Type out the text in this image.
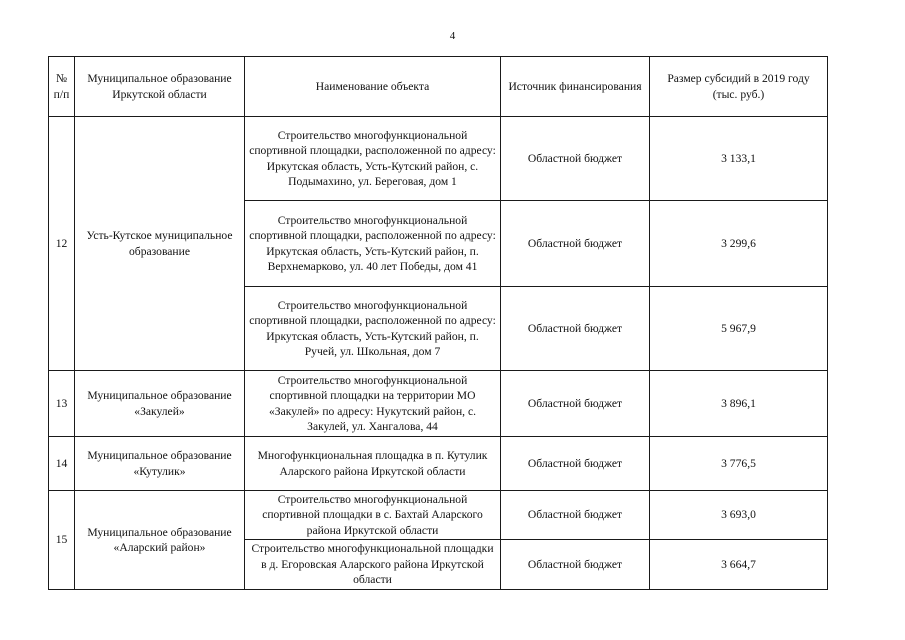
4
№ п/п	Муниципальное образование Иркутской области	Наименование объекта	Источник финансирования	Размер субсидий в 2019 году (тыс. руб.)
12	Усть-Кутское муниципальное образование	Строительство многофункциональной спортивной площадки, расположенной по адресу: Иркутская область, Усть-Кутский район, с. Подымахино, ул. Береговая, дом 1	Областной бюджет	3 133,1
		Строительство многофункциональной спортивной площадки, расположенной по адресу: Иркутская область, Усть-Кутский район, п. Верхнемарково, ул. 40 лет Победы, дом 41	Областной бюджет	3 299,6
		Строительство многофункциональной спортивной площадки, расположенной по адресу: Иркутская область, Усть-Кутский район, п. Ручей, ул. Школьная, дом 7	Областной бюджет	5 967,9
13	Муниципальное образование «Закулей»	Строительство многофункциональной спортивной площадки на территории МО «Закулей» по адресу: Нукутский район, с. Закулей, ул. Хангалова, 44	Областной бюджет	3 896,1
14	Муниципальное образование «Кутулик»	Многофункциональная площадка в п. Кутулик Аларского района Иркутской области	Областной бюджет	3 776,5
15	Муниципальное образование «Аларский район»	Строительство многофункциональной спортивной площадки в с. Бахтай Аларского района Иркутской области	Областной бюджет	3 693,0
		Строительство многофункциональной площадки в д. Егоровская Аларского района Иркутской области	Областной бюджет	3 664,7
